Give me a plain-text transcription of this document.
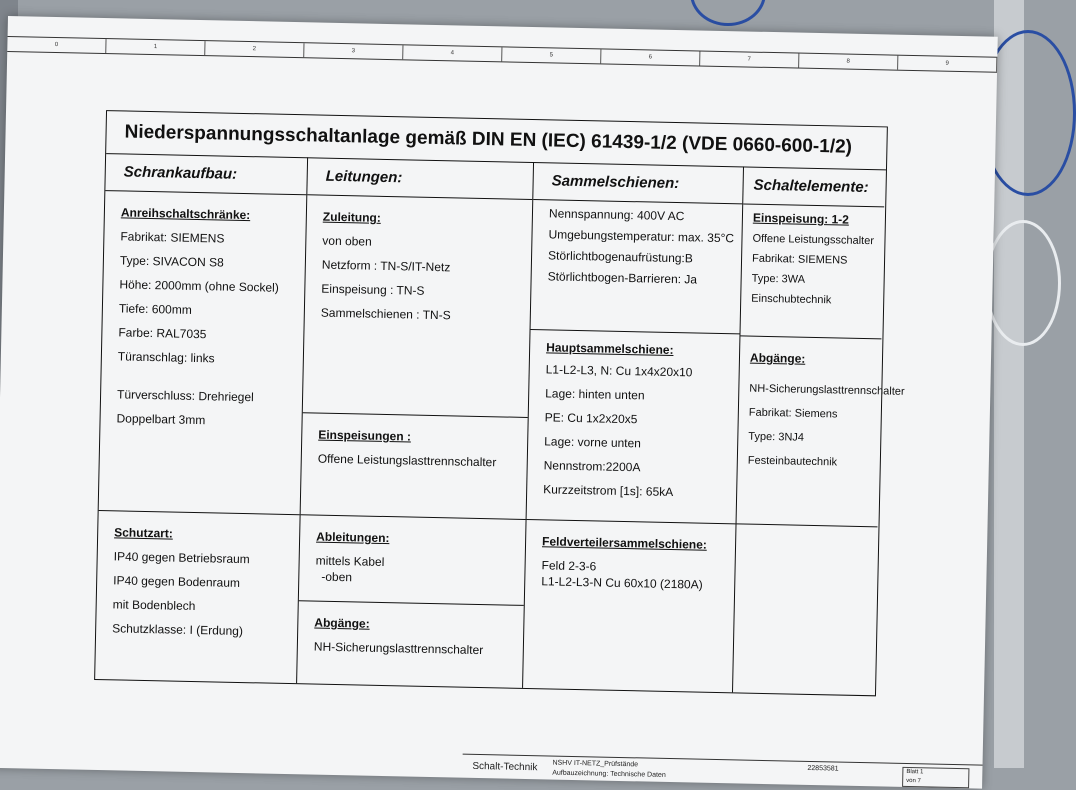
0	1	2	3	4	5	6	7	8	9
Niederspannungsschaltanlage gemäß DIN EN (IEC) 61439-1/2 (VDE 0660-600-1/2)
Schrankaufbau:
Anreihschaltschränke:
Fabrikat: SIEMENS
Type: SIVACON S8
Höhe: 2000mm (ohne Sockel)
Tiefe: 600mm
Farbe: RAL7035
Türanschlag: links
Türverschluss: Drehriegel
Doppelbart 3mm
Schutzart:
IP40 gegen Betriebsraum
IP40 gegen Bodenraum
mit Bodenblech
Schutzklasse: I (Erdung)
Leitungen:
Zuleitung:
von oben
Netzform : TN-S/IT-Netz
Einspeisung : TN-S
Sammelschienen : TN-S
Einspeisungen :
Offene Leistungslasttrennschalter
Ableitungen:
mittels Kabel
-oben
Abgänge:
NH-Sicherungslasttrennschalter
Sammelschienen:
Nennspannung: 400V AC
Umgebungstemperatur: max. 35°C
Störlichtbogenaufrüstung:B
Störlichtbogen-Barrieren: Ja
Hauptsammelschiene:
L1-L2-L3, N: Cu 1x4x20x10
Lage: hinten unten
PE: Cu 1x2x20x5
Lage: vorne unten
Nennstrom:2200A
Kurzzeitstrom [1s]: 65kA
Feldverteilersammelschiene:
Feld 2-3-6
L1-L2-L3-N Cu 60x10 (2180A)
Schaltelemente:
Einspeisung: 1-2
Offene Leistungsschalter
Fabrikat: SIEMENS
Type: 3WA
Einschubtechnik
Abgänge:
NH-Sicherungslasttrennschalter
Fabrikat: Siemens
Type: 3NJ4
Festeinbautechnik
Schalt-Technik NSHV IT-NETZ_Prüfstände
Aufbauzeichnung: Technische Daten
22853581	Blatt 1
von 7
